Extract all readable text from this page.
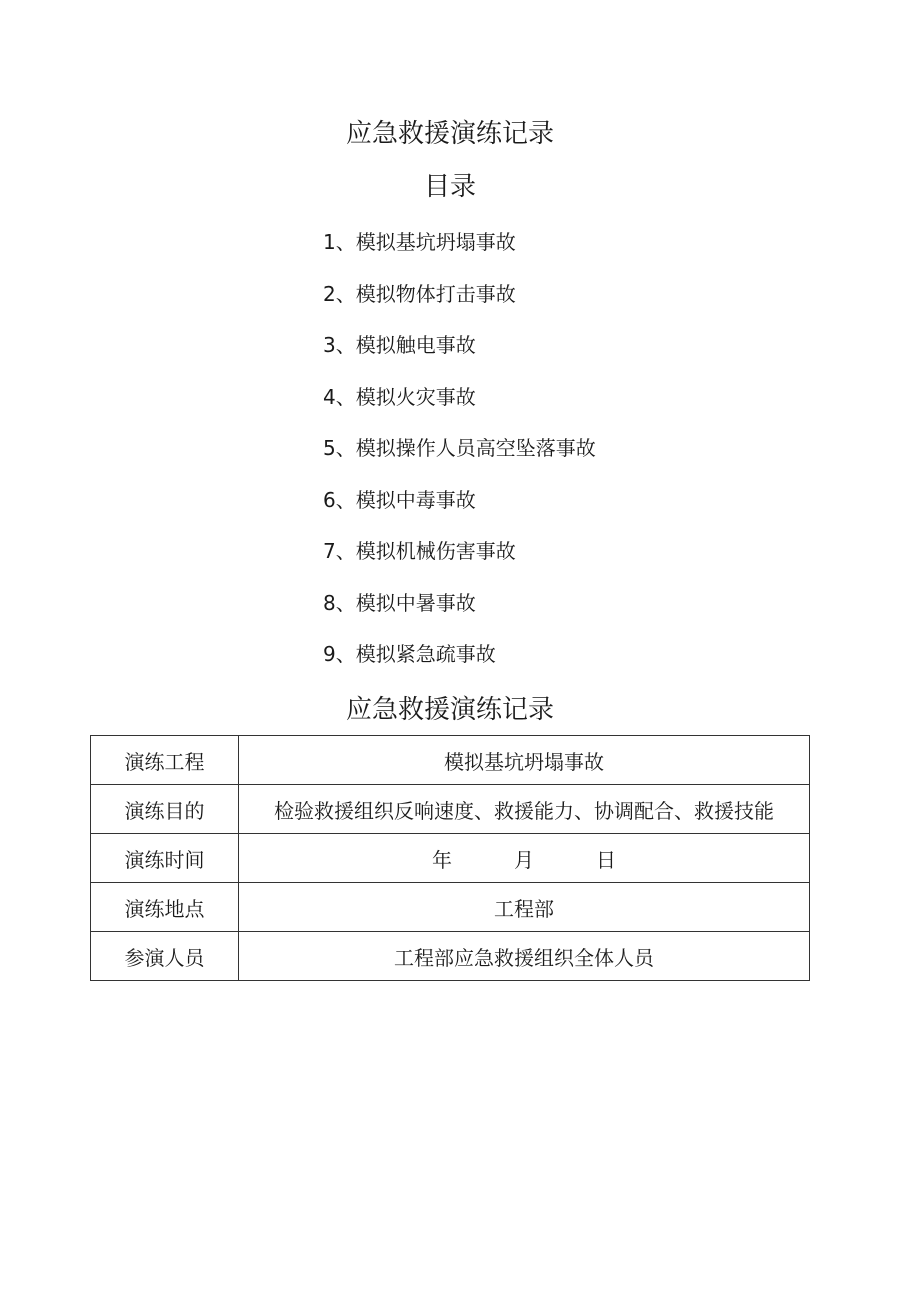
应急救援演练记录
目录
1、模拟基坑坍塌事故
2、模拟物体打击事故
3、模拟触电事故
4、模拟火灾事故
5、模拟操作人员高空坠落事故
6、模拟中毒事故
7、模拟机械伤害事故
8、模拟中暑事故
9、模拟紧急疏事故
应急救援演练记录
演练工程	模拟基坑坍塌事故
演练目的	检验救援组织反响速度、救援能力、协调配合、救援技能
演练时间	年 月 日
演练地点	工程部
参演人员	工程部应急救援组织全体人员
